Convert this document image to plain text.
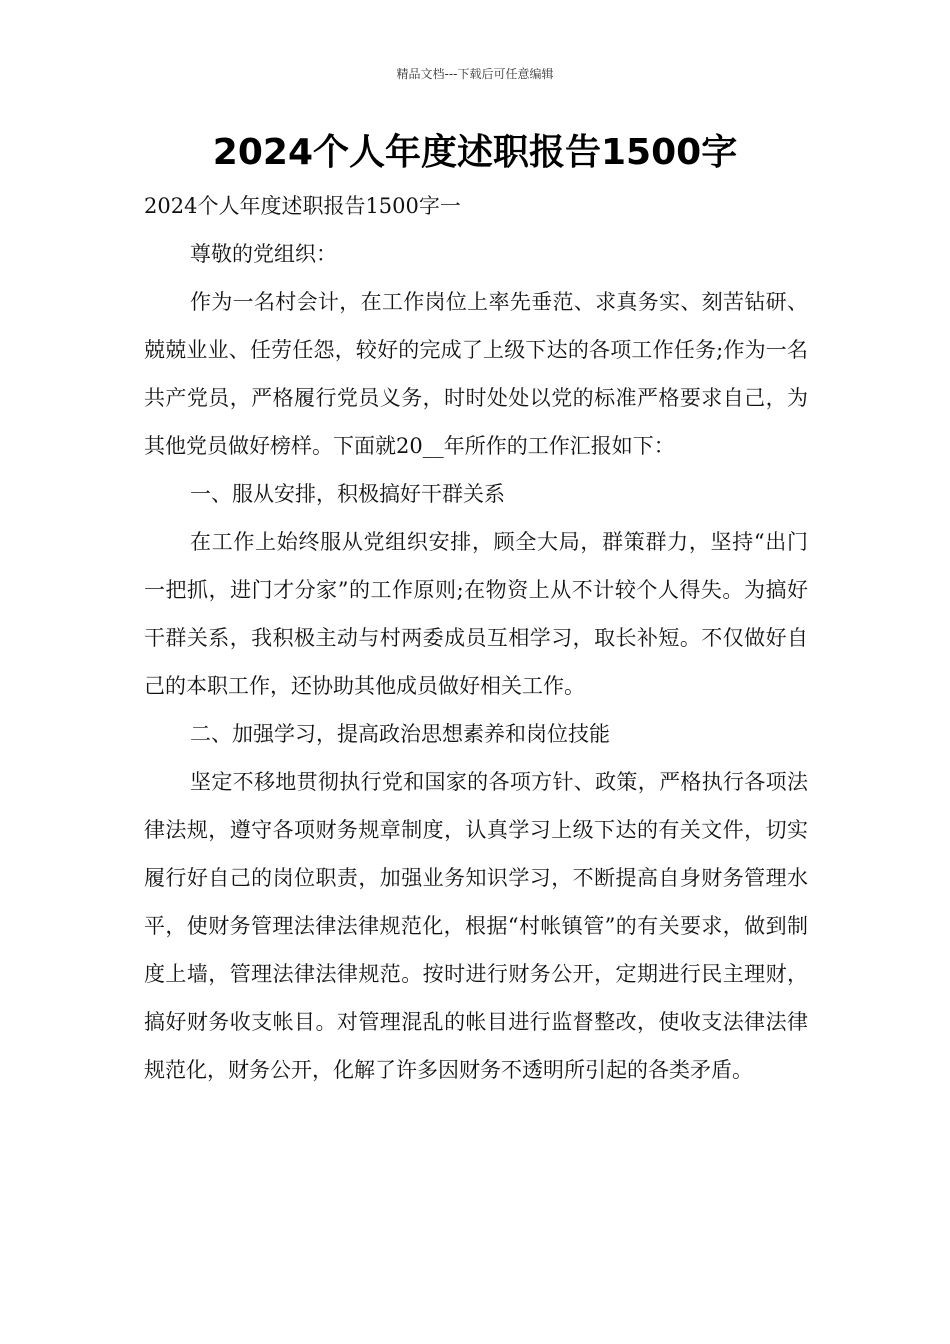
精品文档---下载后可任意编辑
2024个人年度述职报告1500字

2024个人年度述职报告1500字一

尊敬的党组织：

作为一名村会计，在工作岗位上率先垂范、求真务实、刻苦钻研、兢兢业业、任劳任怨，较好的完成了上级下达的各项工作任务;作为一名共产党员，严格履行党员义务，时时处处以党的标准严格要求自己，为其他党员做好榜样。下面就20__年所作的工作汇报如下：

一、服从安排，积极搞好干群关系

在工作上始终服从党组织安排，顾全大局，群策群力，坚持“出门一把抓，进门才分家”的工作原则;在物资上从不计较个人得失。为搞好干群关系，我积极主动与村两委成员互相学习，取长补短。不仅做好自己的本职工作，还协助其他成员做好相关工作。

二、加强学习，提高政治思想素养和岗位技能

坚定不移地贯彻执行党和国家的各项方针、政策，严格执行各项法律法规，遵守各项财务规章制度，认真学习上级下达的有关文件，切实履行好自己的岗位职责，加强业务知识学习，不断提高自身财务管理水平，使财务管理法律法律规范化，根据“村帐镇管”的有关要求，做到制度上墙，管理法律法律规范。按时进行财务公开，定期进行民主理财，搞好财务收支帐目。对管理混乱的帐目进行监督整改，使收支法律法律规范化，财务公开，化解了许多因财务不透明所引起的各类矛盾。
